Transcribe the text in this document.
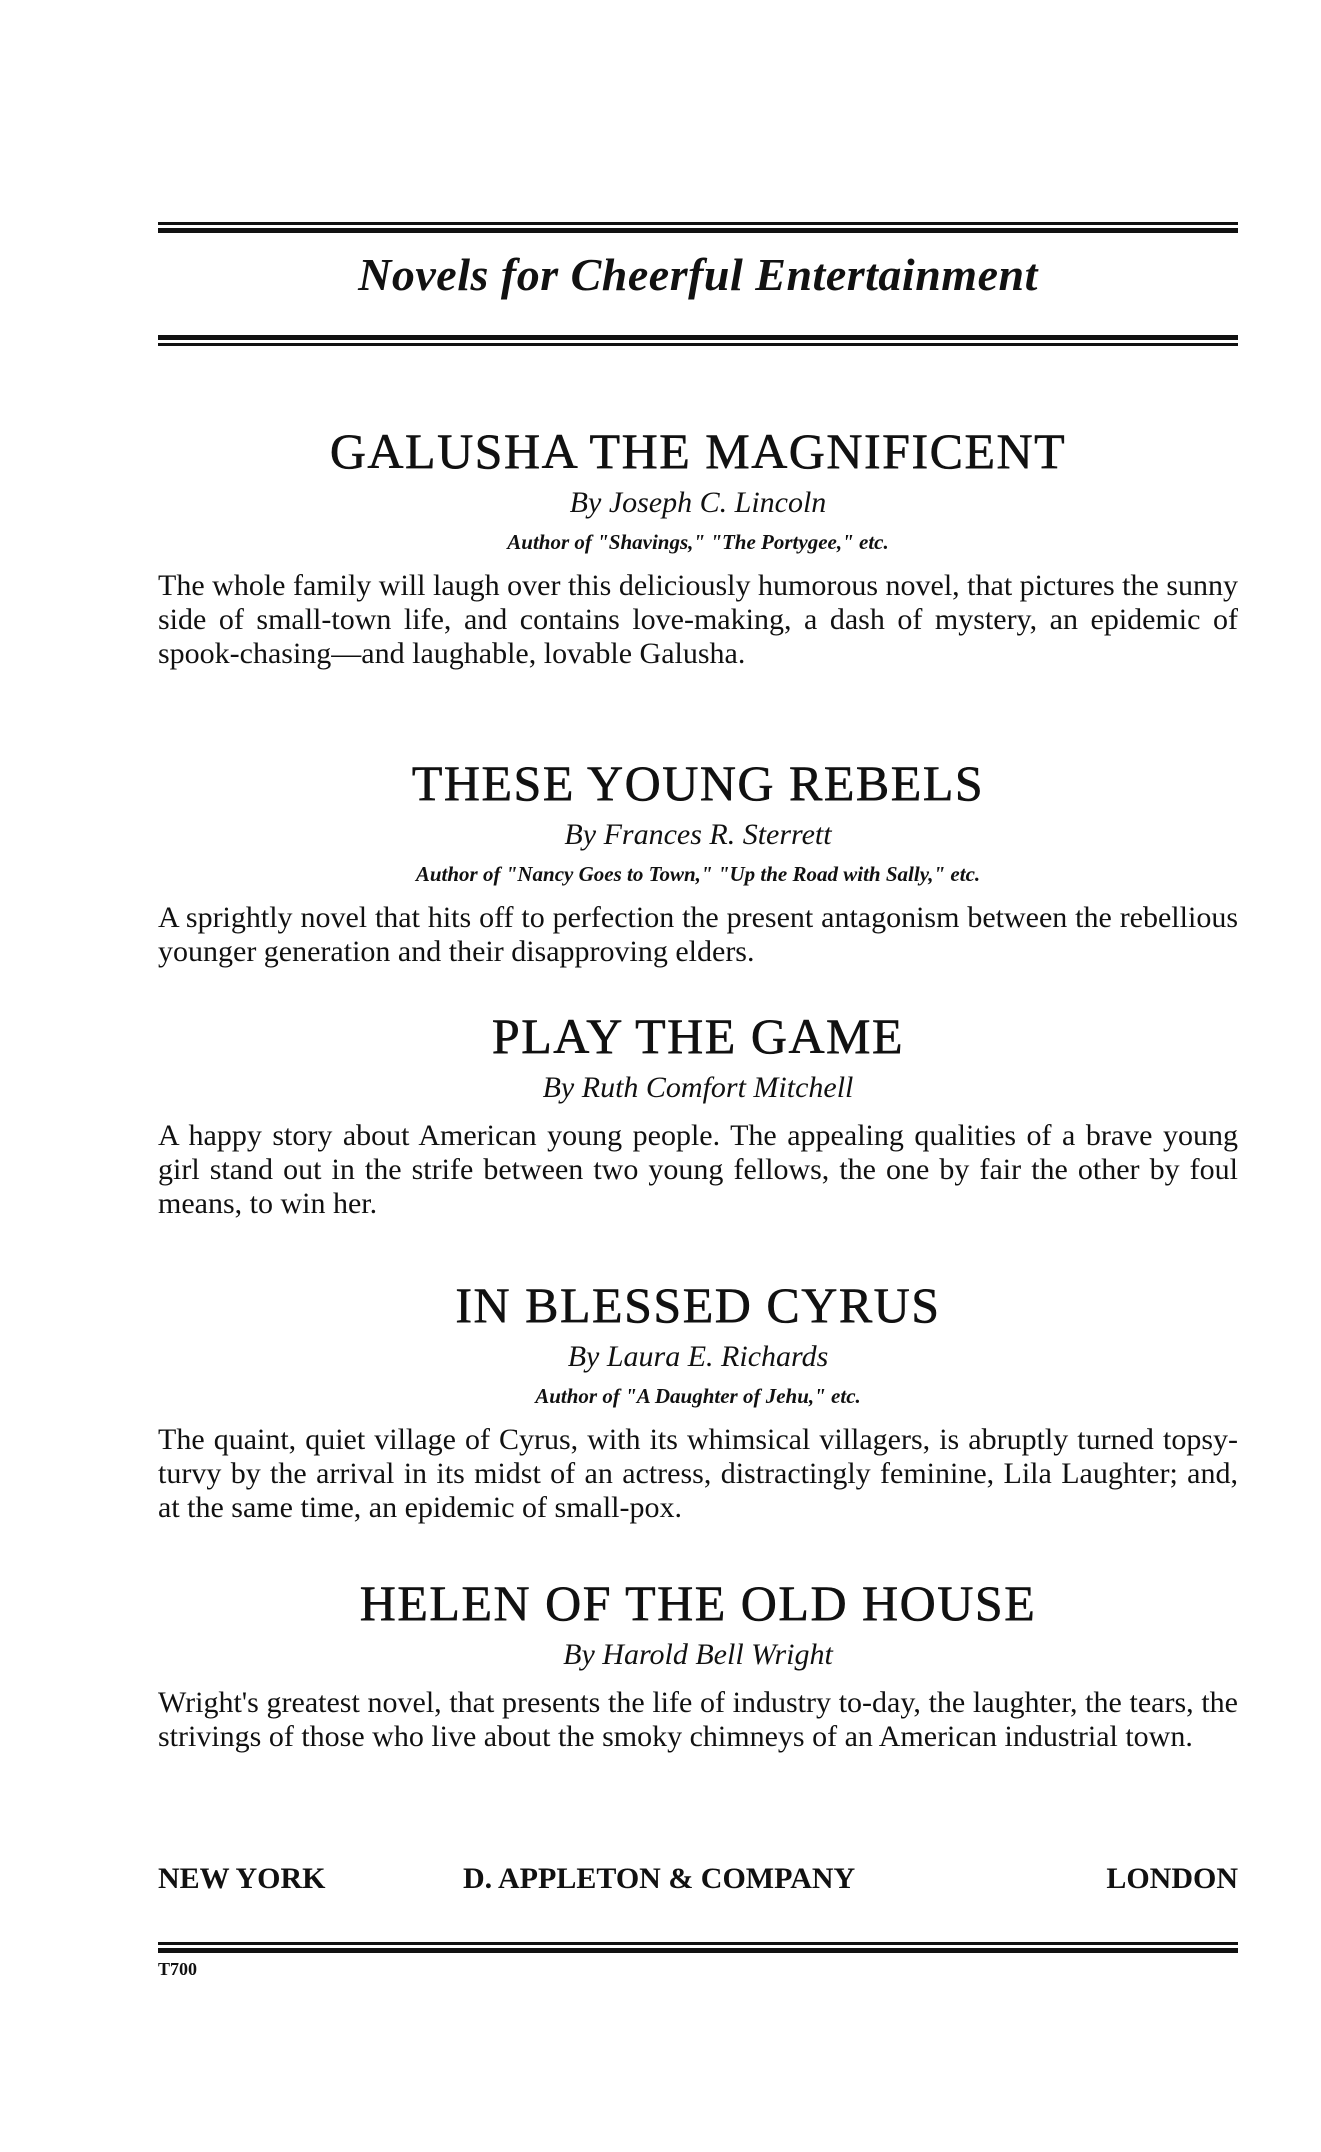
Novels for Cheerful Entertainment
GALUSHA THE MAGNIFICENT
By Joseph C. Lincoln
Author of "Shavings," "The Portygee," etc.
The whole family will laugh over this deliciously humorous novel, that pictures the sunny side of small-town life, and contains love-making, a dash of mystery, an epidemic of spook-chasing—and laughable, lovable Galusha.
THESE YOUNG REBELS
By Frances R. Sterrett
Author of "Nancy Goes to Town," "Up the Road with Sally," etc.
A sprightly novel that hits off to perfection the present antagonism between the rebellious younger generation and their disapproving elders.
PLAY THE GAME
By Ruth Comfort Mitchell
A happy story about American young people. The appealing qualities of a brave young girl stand out in the strife between two young fellows, the one by fair the other by foul means, to win her.
IN BLESSED CYRUS
By Laura E. Richards
Author of "A Daughter of Jehu," etc.
The quaint, quiet village of Cyrus, with its whimsical villagers, is abruptly turned topsy-turvy by the arrival in its midst of an actress, distractingly feminine, Lila Laughter; and, at the same time, an epidemic of small-pox.
HELEN OF THE OLD HOUSE
By Harold Bell Wright
Wright's greatest novel, that presents the life of industry to-day, the laughter, the tears, the strivings of those who live about the smoky chimneys of an American industrial town.
NEW YORK	D. APPLETON & COMPANY	LONDON
T700
